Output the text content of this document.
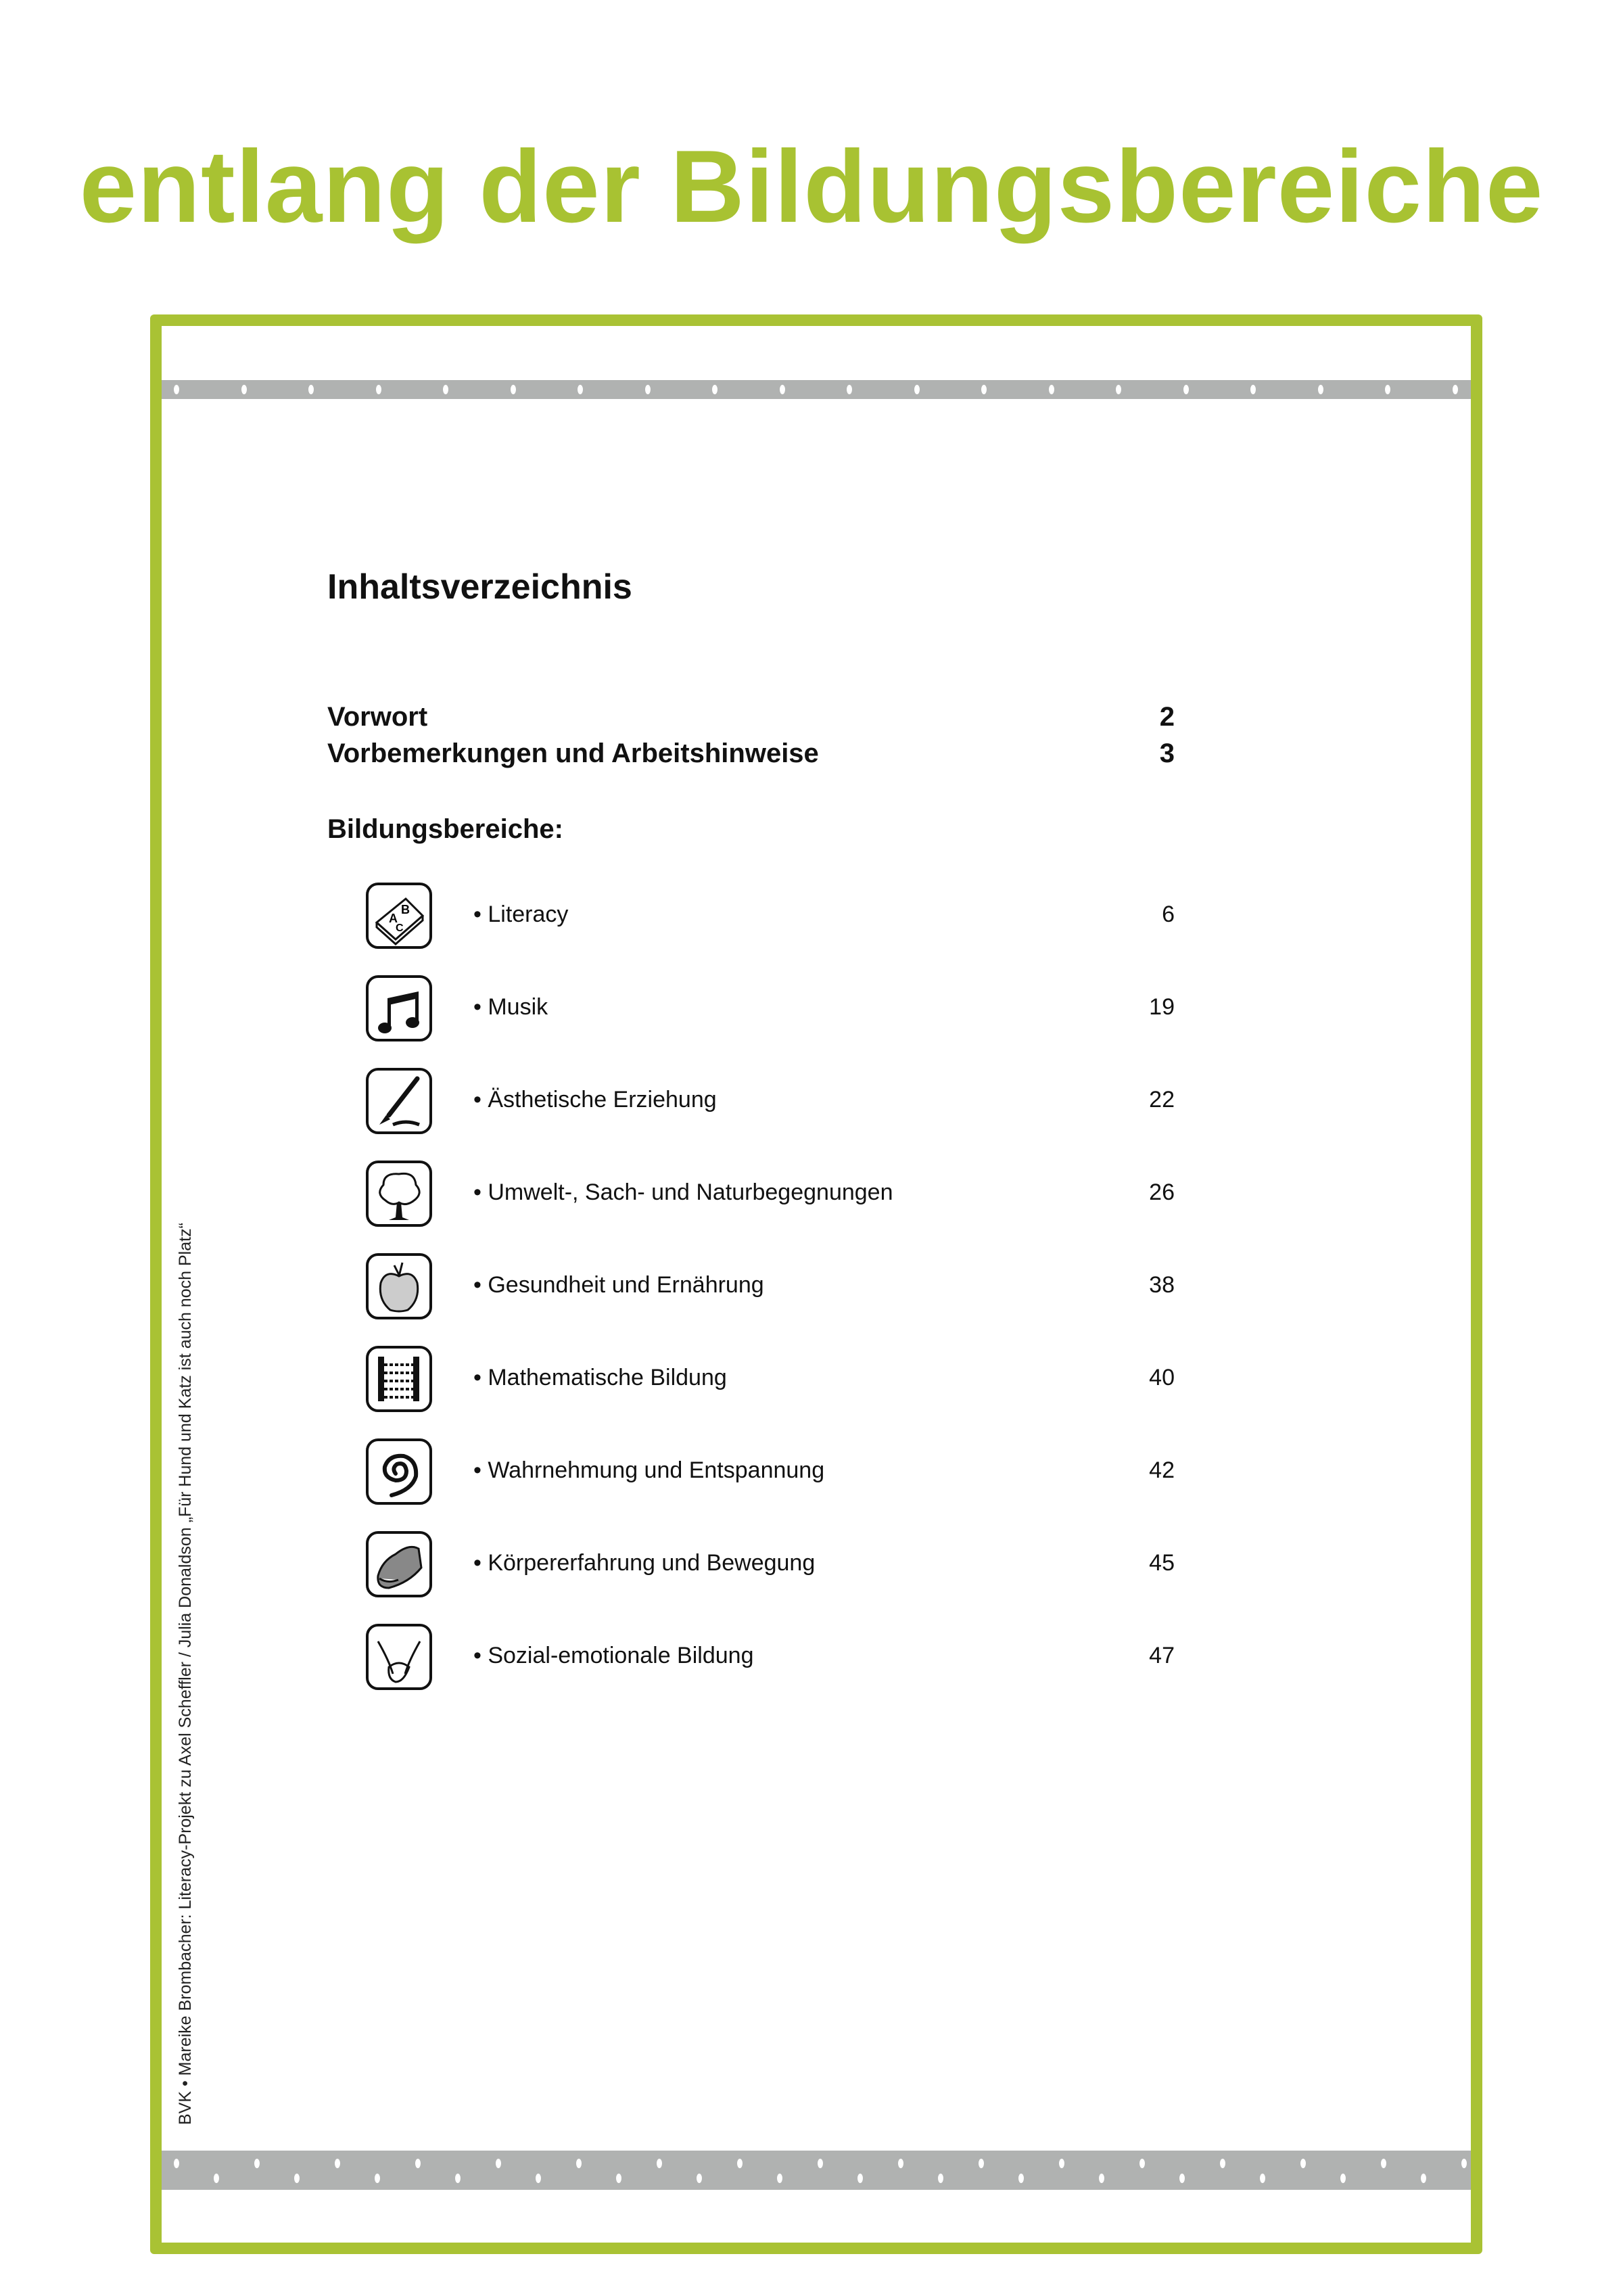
entlang der Bildungsbereiche
Inhaltsverzeichnis
Vorwort	2
Vorbemerkungen und Arbeitshinweise	3
Bildungsbereiche:
A
B
C
• Literacy	6
• Musik	19
• Ästhetische Erziehung	22
• Umwelt-, Sach- und Naturbegegnungen	26
• Gesundheit und Ernährung	38
• Mathematische Bildung	40
• Wahrnehmung und Entspannung	42
• Körpererfahrung und Bewegung	45
• Sozial-emotionale Bildung	47
BVK • Mareike Brombacher: Literacy-Projekt zu Axel Scheffler / Julia Donaldson „Für Hund und Katz ist auch noch Platz“
